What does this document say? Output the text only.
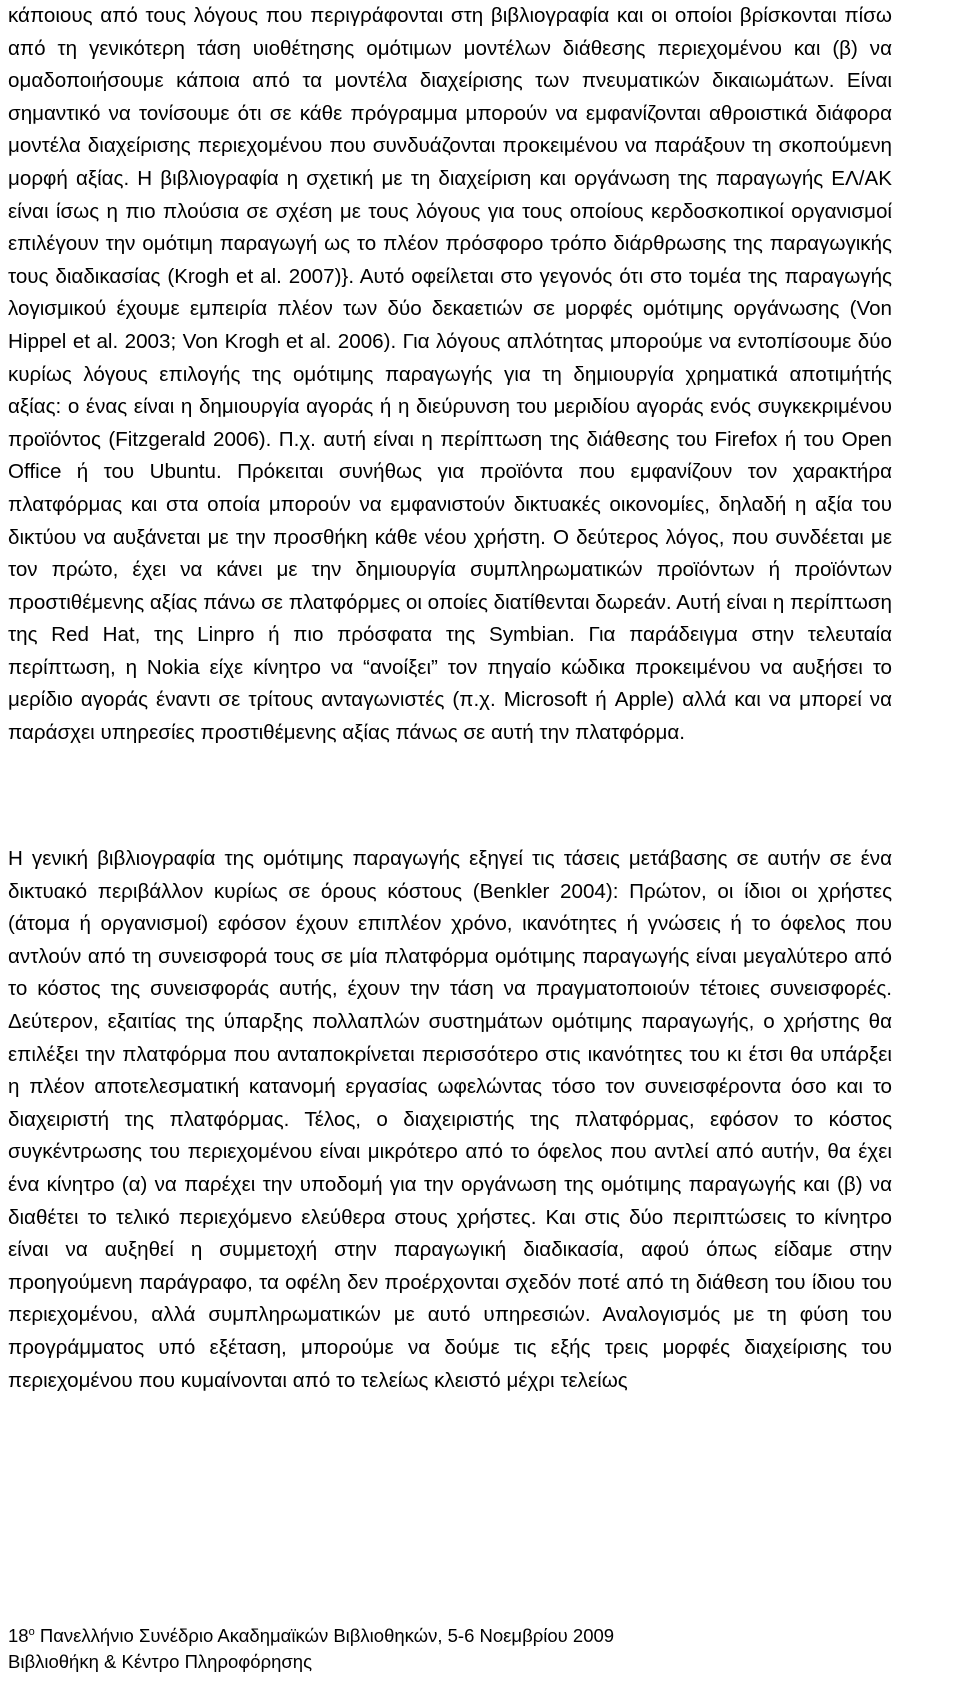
κάποιους από τους λόγους που περιγράφονται στη βιβλιογραφία και οι οποίοι βρίσκονται πίσω από τη γενικότερη τάση υιοθέτησης ομότιμων μοντέλων διάθεσης περιεχομένου και (β) να ομαδοποιήσουμε κάποια από τα μοντέλα διαχείρισης των πνευματικών δικαιωμάτων. Είναι σημαντικό να τονίσουμε ότι σε κάθε πρόγραμμα μπορούν να εμφανίζονται αθροιστικά διάφορα μοντέλα διαχείρισης περιεχομένου που συνδυάζονται προκειμένου να παράξουν τη σκοπούμενη μορφή αξίας. Η βιβλιογραφία η σχετική με τη διαχείριση και οργάνωση της παραγωγής ΕΛ/ΑΚ είναι ίσως η πιο πλούσια σε σχέση με τους λόγους για τους οποίους κερδοσκοπικοί οργανισμοί επιλέγουν την ομότιμη παραγωγή ως το πλέον πρόσφορο τρόπο διάρθρωσης της παραγωγικής τους διαδικασίας (Krogh et al. 2007)}. Αυτό οφείλεται στο γεγονός ότι στο τομέα της παραγωγής λογισμικού έχουμε εμπειρία πλέον των δύο δεκαετιών σε μορφές ομότιμης οργάνωσης (Von Hippel et al. 2003; Von Krogh et al. 2006). Για λόγους απλότητας μπορούμε να εντοπίσουμε δύο κυρίως λόγους επιλογής της ομότιμης παραγωγής για τη δημιουργία χρηματικά αποτιμήτής αξίας: ο ένας είναι η δημιουργία αγοράς ή η διεύρυνση του μεριδίου αγοράς ενός συγκεκριμένου προϊόντος (Fitzgerald 2006). Π.χ. αυτή είναι η περίπτωση της διάθεσης του Firefox ή του Open Office ή του Ubuntu. Πρόκειται συνήθως για προϊόντα που εμφανίζουν τον χαρακτήρα πλατφόρμας και στα οποία μπορούν να εμφανιστούν δικτυακές οικονομίες, δηλαδή η αξία του δικτύου να αυξάνεται με την προσθήκη κάθε νέου χρήστη. Ο δεύτερος λόγος, που συνδέεται με τον πρώτο, έχει να κάνει με την δημιουργία συμπληρωματικών προϊόντων ή προϊόντων προστιθέμενης αξίας πάνω σε πλατφόρμες οι οποίες διατίθενται δωρεάν. Αυτή είναι η περίπτωση της Red Hat, της Linpro ή πιο πρόσφατα της Symbian. Για παράδειγμα στην τελευταία περίπτωση, η Nokia είχε κίνητρο να “ανοίξει” τον πηγαίο κώδικα προκειμένου να αυξήσει το μερίδιο αγοράς έναντι σε τρίτους ανταγωνιστές (π.χ. Microsoft ή Apple) αλλά και να μπορεί να παράσχει υπηρεσίες προστιθέμενης αξίας πάνως σε αυτή την πλατφόρμα.

Η γενική βιβλιογραφία της ομότιμης παραγωγής εξηγεί τις τάσεις μετάβασης σε αυτήν σε ένα δικτυακό περιβάλλον κυρίως σε όρους κόστους (Benkler 2004): Πρώτον, οι ίδιοι οι χρήστες (άτομα ή οργανισμοί) εφόσον έχουν επιπλέον χρόνο, ικανότητες ή γνώσεις ή το όφελος που αντλούν από τη συνεισφορά τους σε μία πλατφόρμα ομότιμης παραγωγής είναι μεγαλύτερο από το κόστος της συνεισφοράς αυτής, έχουν την τάση να πραγματοποιούν τέτοιες συνεισφορές. Δεύτερον, εξαιτίας της ύπαρξης πολλαπλών συστημάτων ομότιμης παραγωγής, ο χρήστης θα επιλέξει την πλατφόρμα που ανταποκρίνεται περισσότερο στις ικανότητες του κι έτσι θα υπάρξει η πλέον αποτελεσματική κατανομή εργασίας ωφελώντας τόσο τον συνεισφέροντα όσο και το διαχειριστή της πλατφόρμας. Τέλος, ο διαχειριστής της πλατφόρμας, εφόσον το κόστος συγκέντρωσης του περιεχομένου είναι μικρότερο από το όφελος που αντλεί από αυτήν, θα έχει ένα κίνητρο (α) να παρέχει την υποδομή για την οργάνωση της ομότιμης παραγωγής και (β) να διαθέτει το τελικό περιεχόμενο ελεύθερα στους χρήστες. Και στις δύο περιπτώσεις το κίνητρο είναι να αυξηθεί η συμμετοχή στην παραγωγική διαδικασία, αφού όπως είδαμε στην προηγούμενη παράγραφο, τα οφέλη δεν προέρχονται σχεδόν ποτέ από τη διάθεση του ίδιου του περιεχομένου, αλλά συμπληρωματικών με αυτό υπηρεσιών. Αναλογισμός με τη φύση του προγράμματος υπό εξέταση, μπορούμε να δούμε τις εξής τρεις μορφές διαχείρισης του περιεχομένου που κυμαίνονται από το τελείως κλειστό μέχρι τελείως

$18^o$ Πανελλήνιο Συνέδριο Ακαδημαϊκών Βιβλιοθηκών, 5-6 Νοεμβρίου 2009
Βιβλιοθήκη & Κέντρο Πληροφόρησης
